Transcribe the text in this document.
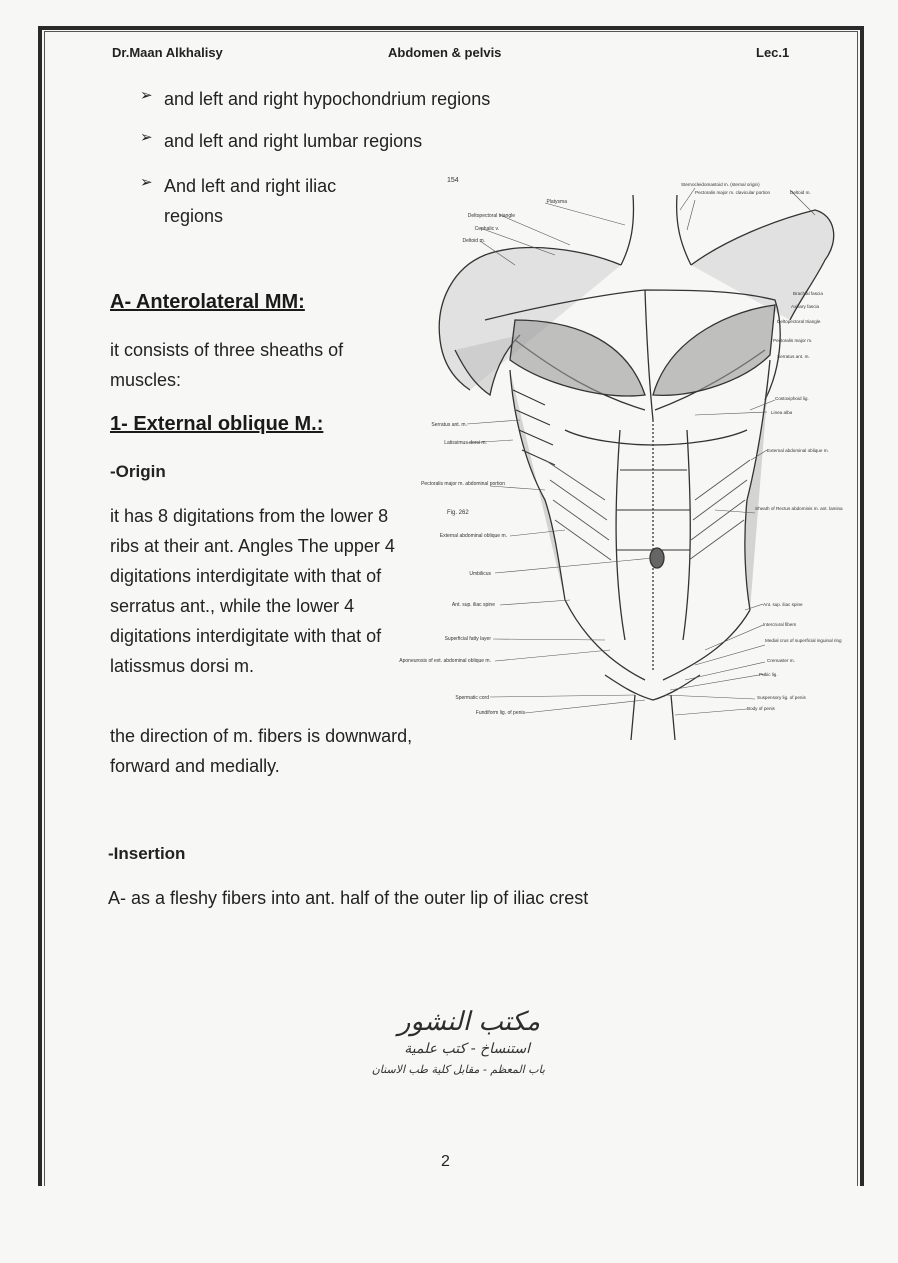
Dr.Maan Alkhalisy	Abdomen & pelvis	Lec.1
➢ and left and right hypochondrium regions
➢ and left and right lumbar regions
➢ And left and right iliac regions
A- Anterolateral MM:
it consists of three sheaths of muscles:
1- External oblique M.:
-Origin
it has 8 digitations from the lower 8 ribs at their ant. Angles The upper 4 digitations interdigitate with that of serratus ant., while the lower 4 digitations interdigitate with that of latissmus dorsi m.
the direction of m. fibers is downward, forward and medially.
-Insertion
A- as a fleshy fibers into ant. half of the outer lip of iliac crest
154
Fig. 262
Platysma
Deltopectoral triangle
Cephalic v.
Deltoid m.
Serratus ant. m.
Latissimus dorsi m.
Pectoralis major m. abdominal portion
External abdominal oblique m.
Umbilicus
Ant. sup. iliac spine
Superficial fatty layer
Aponeurosis of ext. abdominal oblique m.
Spermatic cord
Fundiform lig. of penis
Sternocleidomastoid m. (sternal origin)
Pectoralis major m. clavicular portion	Deltoid m.
Brachial fascia
Axillary fascia
Deltopectoral triangle
Pectoralis major m.
Serratus ant. m.
Costoxiphoid lig.
Linea alba
External abdominal oblique m.
Sheath of Rectus abdominis m. ant. lamina
Ant. sup. iliac spine
Intercrural fibers
Medial crus of superficial inguinal ring
Cremaster m.
Pubic lig.
Suspensory lig. of penis
Body of penis
مكتب النشور
استنساخ - كتب علمية
باب المعظم - مقابل كلية طب الاسنان
2
